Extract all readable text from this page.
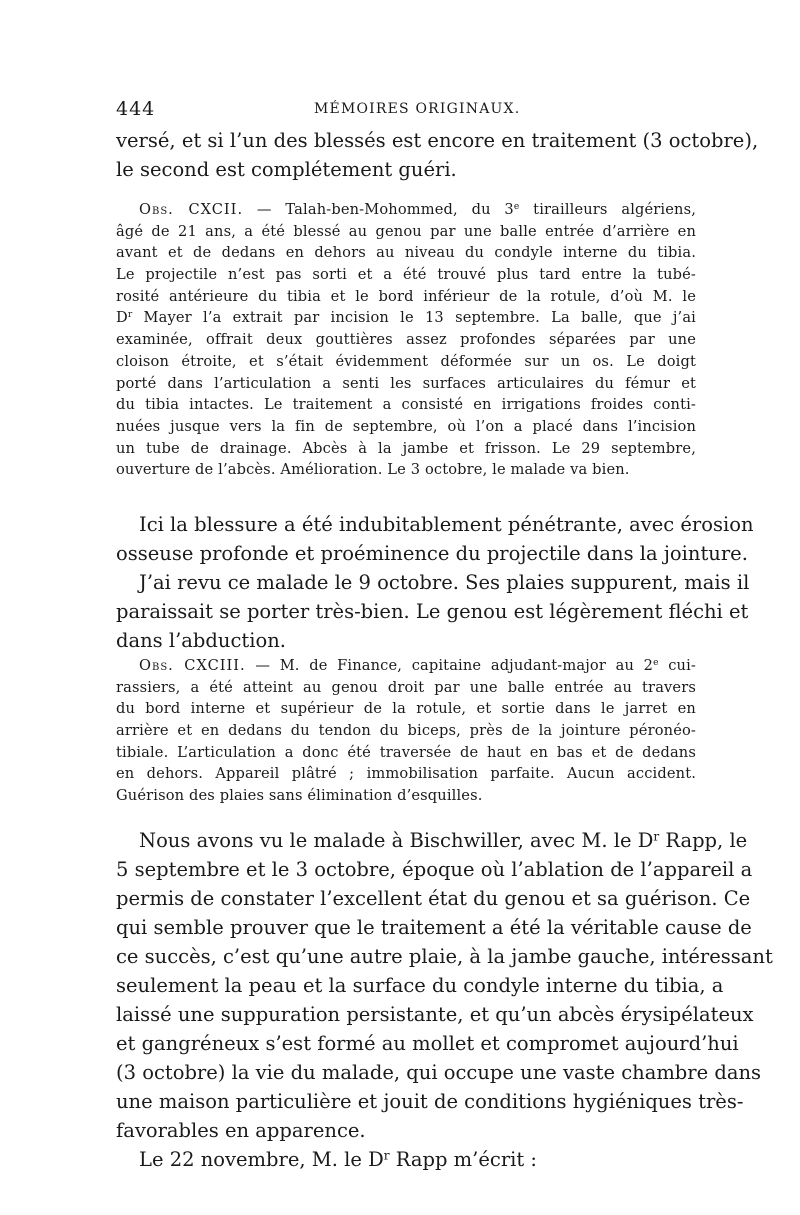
444	MÉMOIRES ORIGINAUX.
versé, et si l’un des blessés est encore en traitement (3 octobre),
le second est complétement guéri.
Obs. CXCII. — Talah-ben-Mohommed, du 3e tirailleurs algériens,
âgé de 21 ans, a été blessé au genou par une balle entrée d’arrière en
avant et de dedans en dehors au niveau du condyle interne du tibia.
Le projectile n’est pas sorti et a été trouvé plus tard entre la tubé-
rosité antérieure du tibia et le bord inférieur de la rotule, d’où M. le
$D^r$ Mayer l’a extrait par incision le 13 septembre. La balle, que j’ai
examinée, offrait deux gouttières assez profondes séparées par une
cloison étroite, et s’était évidemment déformée sur un os. Le doigt
porté dans l’articulation a senti les surfaces articulaires du fémur et
du tibia intactes. Le traitement a consisté en irrigations froides conti-
nuées jusque vers la fin de septembre, où l’on a placé dans l’incision
un tube de drainage. Abcès à la jambe et frisson. Le 29 septembre,
ouverture de l’abcès. Amélioration. Le 3 octobre, le malade va bien.
Ici la blessure a été indubitablement pénétrante, avec érosion
osseuse profonde et proéminence du projectile dans la jointure.
J’ai revu ce malade le 9 octobre. Ses plaies suppurent, mais il
paraissait se porter très-bien. Le genou est légèrement fléchi et
dans l’abduction.
Obs. CXCIII. — M. de Finance, capitaine adjudant-major au 2e cui-
rassiers, a été atteint au genou droit par une balle entrée au travers
du bord interne et supérieur de la rotule, et sortie dans le jarret en
arrière et en dedans du tendon du biceps, près de la jointure péronéo-
tibiale. L’articulation a donc été traversée de haut en bas et de dedans
en dehors. Appareil plâtré ; immobilisation parfaite. Aucun accident.
Guérison des plaies sans élimination d’esquilles.
Nous avons vu le malade à Bischwiller, avec M. le $D^r$ Rapp, le
5 septembre et le 3 octobre, époque où l’ablation de l’appareil a
permis de constater l’excellent état du genou et sa guérison. Ce
qui semble prouver que le traitement a été la véritable cause de
ce succès, c’est qu’une autre plaie, à la jambe gauche, intéressant
seulement la peau et la surface du condyle interne du tibia, a
laissé une suppuration persistante, et qu’un abcès érysipélateux
et gangréneux s’est formé au mollet et compromet aujourd’hui
(3 octobre) la vie du malade, qui occupe une vaste chambre dans
une maison particulière et jouit de conditions hygiéniques très-
favorables en apparence.
Le 22 novembre, M. le $D^r$ Rapp m’écrit :
